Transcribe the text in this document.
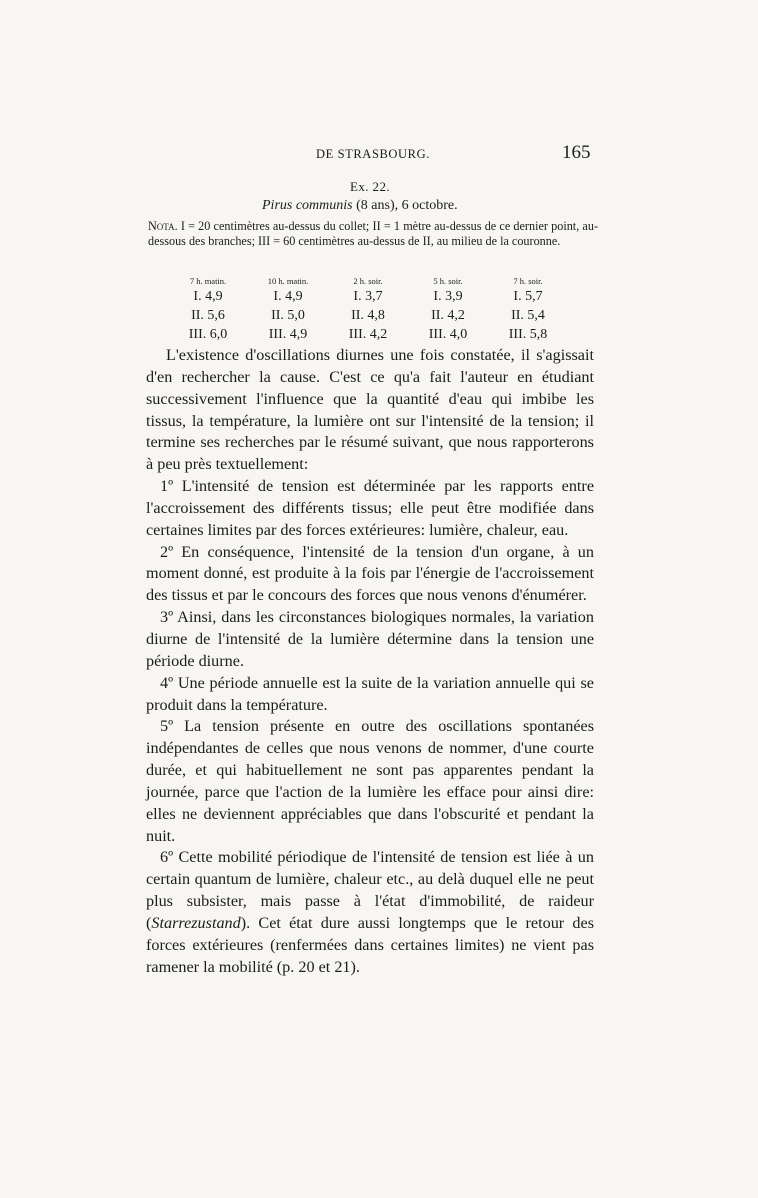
DE STRASBOURG.	165
Ex. 22.
Pirus communis (8 ans), 6 octobre.
Nota. I = 20 centimètres au-dessus du collet; II = 1 mètre au-dessus de ce dernier point, au-dessous des branches; III = 60 centimètres au-dessus de II, au milieu de la couronne.
7 h. matin.	10 h. matin.	2 h. soir.	5 h. soir.	7 h. soir.
I. 4,9	I. 4,9	I. 3,7	I. 3,9	I. 5,7
II. 5,6	II. 5,0	II. 4,8	II. 4,2	II. 5,4
III. 6,0	III. 4,9	III. 4,2	III. 4,0	III. 5,8

L'existence d'oscillations diurnes une fois constatée, il s'agissait d'en rechercher la cause. C'est ce qu'a fait l'auteur en étudiant successivement l'influence que la quantité d'eau qui imbibe les tissus, la température, la lumière ont sur l'intensité de la tension; il termine ses recherches par le résumé suivant, que nous rapporterons à peu près textuellement:

1º L'intensité de tension est déterminée par les rapports entre l'accroissement des différents tissus; elle peut être modifiée dans certaines limites par des forces extérieures: lumière, chaleur, eau.

2º En conséquence, l'intensité de la tension d'un organe, à un moment donné, est produite à la fois par l'énergie de l'accroissement des tissus et par le concours des forces que nous venons d'énumérer.

3º Ainsi, dans les circonstances biologiques normales, la variation diurne de l'intensité de la lumière détermine dans la tension une période diurne.

4º Une période annuelle est la suite de la variation annuelle qui se produit dans la température.

5º La tension présente en outre des oscillations spontanées indépendantes de celles que nous venons de nommer, d'une courte durée, et qui habituellement ne sont pas apparentes pendant la journée, parce que l'action de la lumière les efface pour ainsi dire: elles ne deviennent appréciables que dans l'obscurité et pendant la nuit.

6º Cette mobilité périodique de l'intensité de tension est liée à un certain quantum de lumière, chaleur etc., au delà duquel elle ne peut plus subsister, mais passe à l'état d'immobilité, de raideur (Starrezustand). Cet état dure aussi longtemps que le retour des forces extérieures (renfermées dans certaines limites) ne vient pas ramener la mobilité (p. 20 et 21).
